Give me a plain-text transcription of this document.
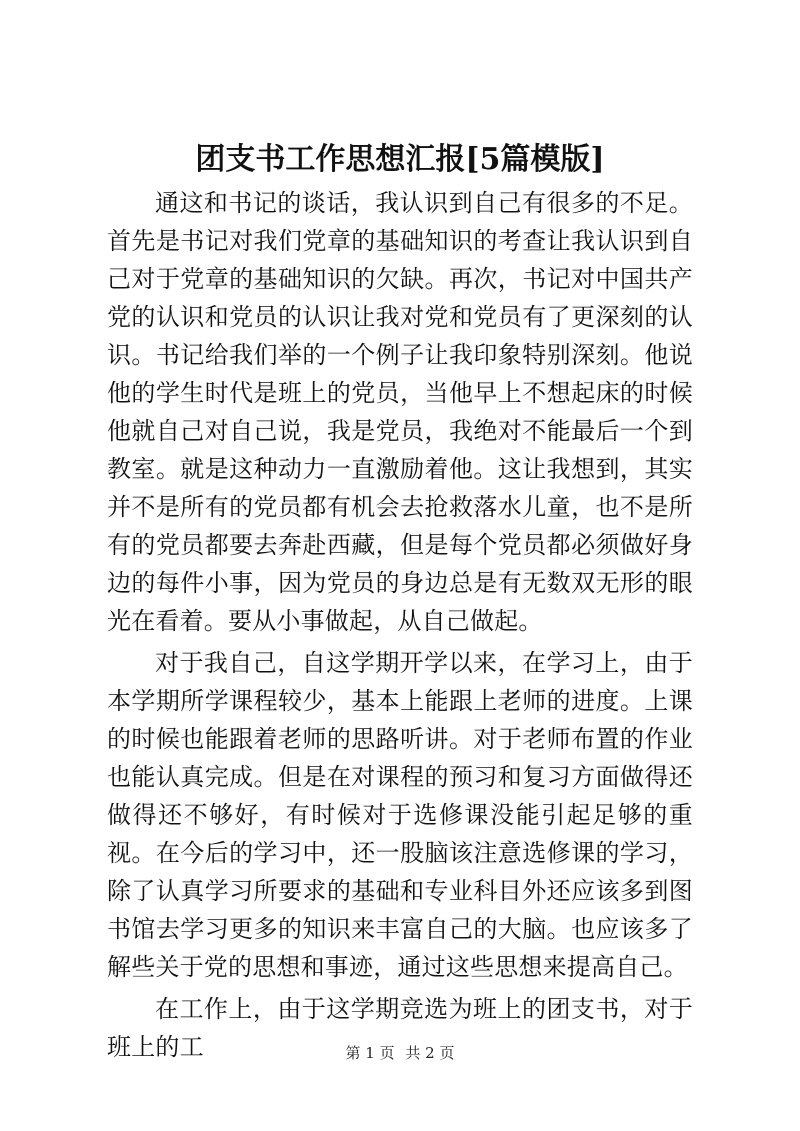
团支书工作思想汇报[5篇模版]

通这和书记的谈话，我认识到自己有很多的不足。首先是书记对我们党章的基础知识的考查让我认识到自己对于党章的基础知识的欠缺。再次，书记对中国共产党的认识和党员的认识让我对党和党员有了更深刻的认识。书记给我们举的一个例子让我印象特别深刻。他说他的学生时代是班上的党员，当他早上不想起床的时候他就自己对自己说，我是党员，我绝对不能最后一个到教室。就是这种动力一直激励着他。这让我想到，其实并不是所有的党员都有机会去抢救落水儿童，也不是所有的党员都要去奔赴西藏，但是每个党员都必须做好身边的每件小事，因为党员的身边总是有无数双无形的眼光在看着。要从小事做起，从自己做起。

对于我自己，自这学期开学以来，在学习上，由于本学期所学课程较少，基本上能跟上老师的进度。上课的时候也能跟着老师的思路听讲。对于老师布置的作业也能认真完成。但是在对课程的预习和复习方面做得还做得还不够好，有时候对于选修课没能引起足够的重视。在今后的学习中，还一股脑该注意选修课的学习，除了认真学习所要求的基础和专业科目外还应该多到图书馆去学习更多的知识来丰富自己的大脑。也应该多了解些关于党的思想和事迹，通过这些思想来提高自己。

在工作上，由于这学期竞选为班上的团支书，对于班上的工	第 1 页 共 2 页
